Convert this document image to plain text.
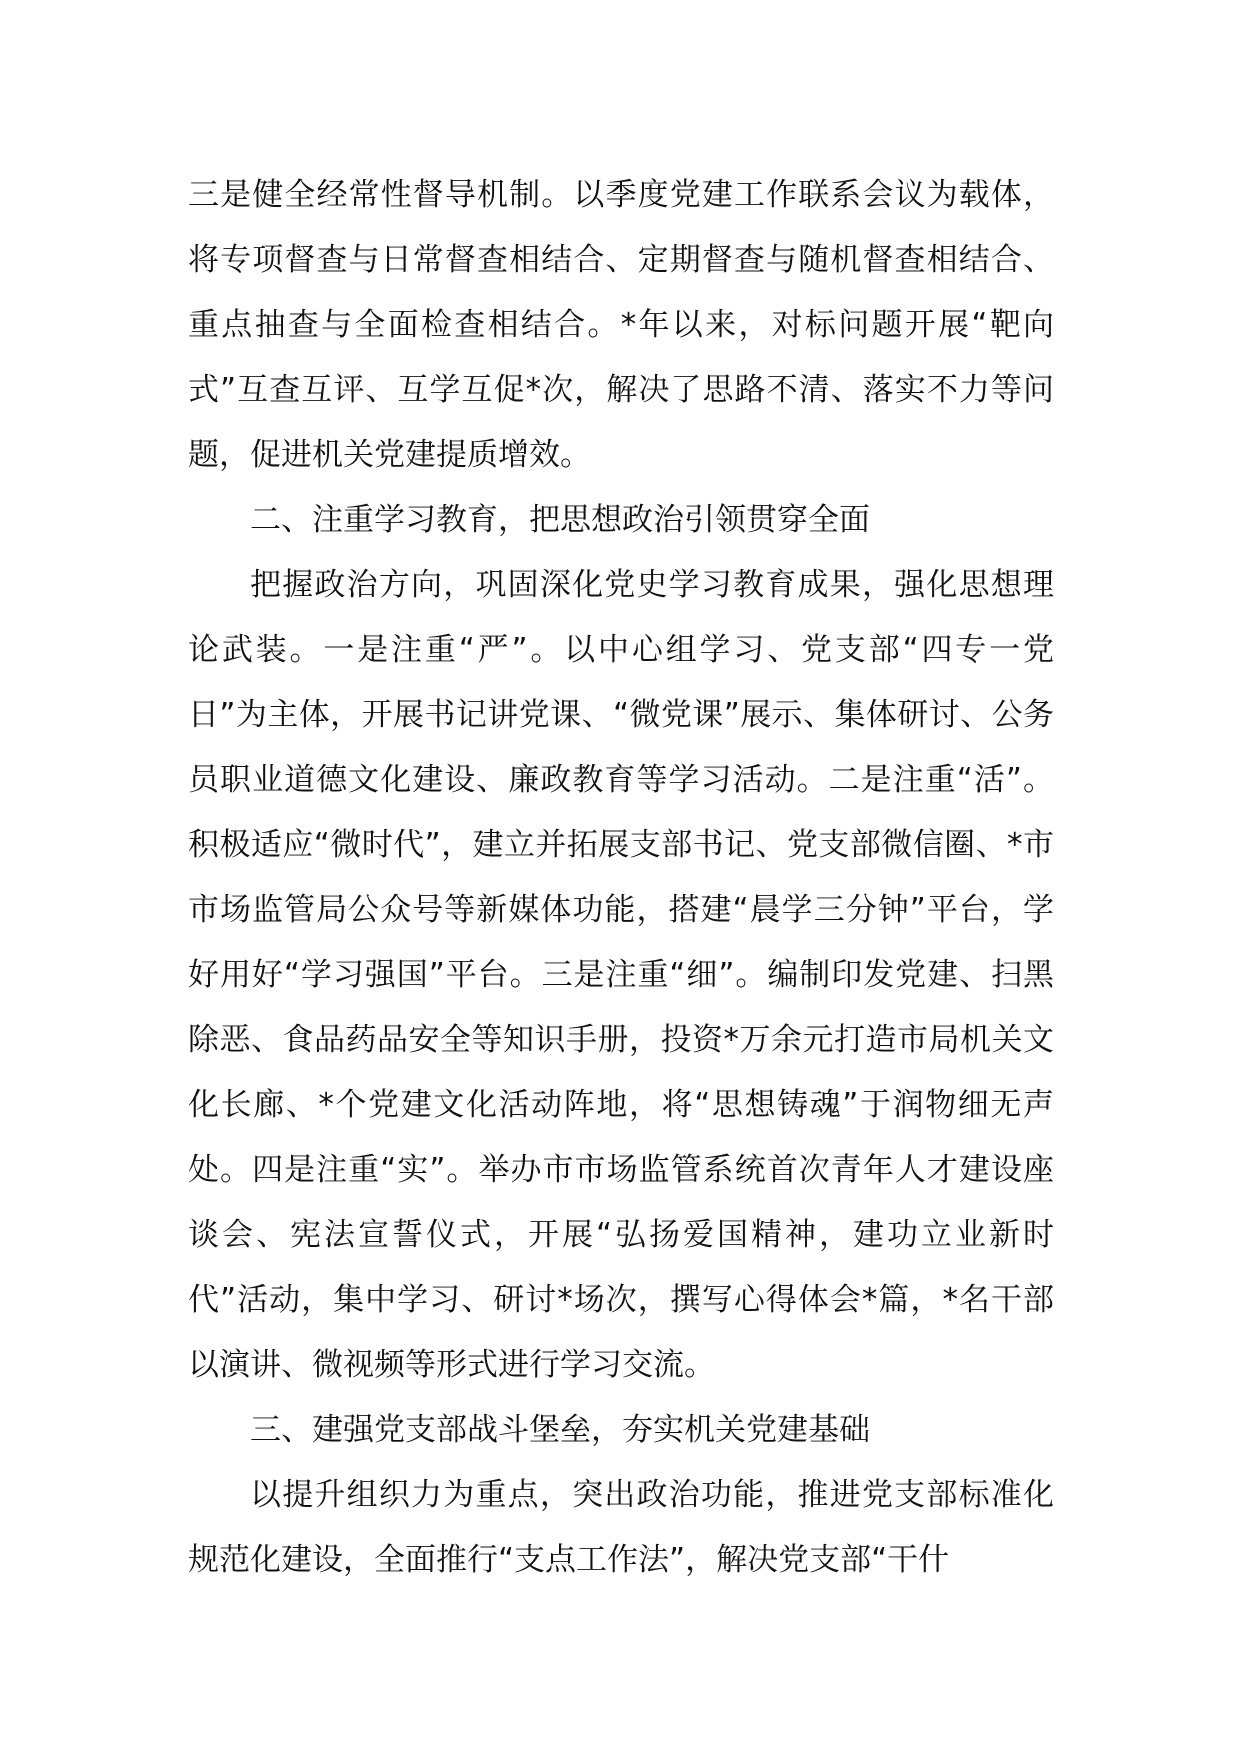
三是健全经常性督导机制。以季度党建工作联系会议为载体，将专项督查与日常督查相结合、定期督查与随机督查相结合、重点抽查与全面检查相结合。*年以来，对标问题开展“靶向式”互查互评、互学互促*次，解决了思路不清、落实不力等问题，促进机关党建提质增效。

二、注重学习教育，把思想政治引领贯穿全面

把握政治方向，巩固深化党史学习教育成果，强化思想理论武装。一是注重“严”。以中心组学习、党支部“四专一党日”为主体，开展书记讲党课、“微党课”展示、集体研讨、公务员职业道德文化建设、廉政教育等学习活动。二是注重“活”。积极适应“微时代”，建立并拓展支部书记、党支部微信圈、*市市场监管局公众号等新媒体功能，搭建“晨学三分钟”平台，学好用好“学习强国”平台。三是注重“细”。编制印发党建、扫黑除恶、食品药品安全等知识手册，投资*万余元打造市局机关文化长廊、*个党建文化活动阵地，将“思想铸魂”于润物细无声处。四是注重“实”。举办市市场监管系统首次青年人才建设座谈会、宪法宣誓仪式，开展“弘扬爱国精神，建功立业新时代”活动，集中学习、研讨*场次，撰写心得体会*篇，*名干部以演讲、微视频等形式进行学习交流。

三、建强党支部战斗堡垒，夯实机关党建基础

以提升组织力为重点，突出政治功能，推进党支部标准化规范化建设，全面推行“支点工作法”，解决党支部“干什
